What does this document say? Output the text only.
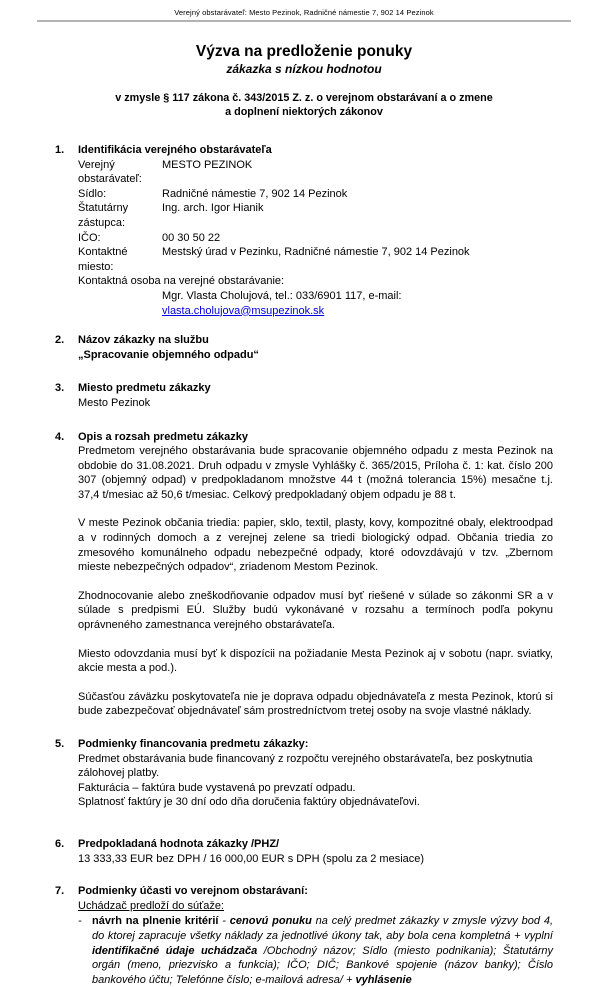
Verejný obstarávateľ: Mesto Pezinok, Radničné námestie 7, 902 14 Pezinok
Výzva na predloženie ponuky
zákazka s nízkou hodnotou
v zmysle § 117 zákona č. 343/2015 Z. z. o verejnom obstarávaní a o zmene
a doplnení niektorých zákonov
1.	Identifikácia verejného obstarávateľa
Verejný obstarávateľ:
MESTO PEZINOK
Sídlo:	Radničné námestie 7, 902 14 Pezinok
Štatutárny zástupca:
Ing. arch. Igor Hianik
IČO:	00 30 50 22
Kontaktné miesto:
Mestský úrad v Pezinku, Radničné námestie 7, 902 14 Pezinok
Kontaktná osoba na verejné obstarávanie:
Mgr. Vlasta Cholujová, tel.: 033/6901 117, e-mail: vlasta.cholujova@msupezinok.sk
2.	Názov zákazky na službu
„Spracovanie objemného odpadu“
3.	Miesto predmetu zákazky
Mesto Pezinok
4.	Opis a rozsah predmetu zákazky
Predmetom verejného obstarávania bude spracovanie objemného odpadu z mesta Pezinok na obdobie do 31.08.2021. Druh odpadu v zmysle Vyhlášky č. 365/2015, Príloha č. 1: kat. číslo 200 307 (objemný odpad) v predpokladanom množstve 44 t (možná tolerancia 15%) mesačne t.j. 37,4 t/mesiac až 50,6 t/mesiac. Celkový predpokladaný objem odpadu je 88 t.
V meste Pezinok občania triedia: papier, sklo, textil, plasty, kovy, kompozitné obaly, elektroodpad a v rodinných domoch a z verejnej zelene sa triedi biologický odpad. Občania triedia zo zmesového komunálneho odpadu nebezpečné odpady, ktoré odovzdávajú v tzv. „Zbernom mieste nebezpečných odpadov“, zriadenom Mestom Pezinok.
Zhodnocovanie alebo zneškodňovanie odpadov musí byť riešené v súlade so zákonmi SR a v súlade s predpismi EÚ. Služby budú vykonávané v rozsahu a termínoch podľa pokynu oprávneného zamestnanca verejného obstarávateľa.
Miesto odovzdania musí byť k dispozícii na požiadanie Mesta Pezinok aj v sobotu (napr. sviatky, akcie mesta a pod.).
Súčasťou záväzku poskytovateľa nie je doprava odpadu objednávateľa z mesta Pezinok, ktorú si bude zabezpečovať objednávateľ sám prostredníctvom tretej osoby na svoje vlastné náklady.
5.	Podmienky financovania predmetu zákazky:
Predmet obstarávania bude financovaný z rozpočtu verejného obstarávateľa, bez poskytnutia zálohovej platby.
Fakturácia – faktúra bude vystavená po prevzatí odpadu.
Splatnosť faktúry je 30 dní odo dňa doručenia faktúry objednávateľovi.
6.	Predpokladaná hodnota zákazky /PHZ/
13 333,33 EUR bez DPH / 16 000,00 EUR s DPH (spolu za 2 mesiace)
7.	Podmienky účasti vo verejnom obstarávaní:
Uchádzač predloží do súťaže:
- návrh na plnenie kritérií - cenovú ponuku na celý predmet zákazky v zmysle výzvy bod 4, do ktorej zapracuje všetky náklady za jednotlivé úkony tak, aby bola cena kompletná + vyplní identifikačné údaje uchádzača /Obchodný názov; Sídlo (miesto podnikania); Štatutárny orgán (meno, priezvisko a funkcia); IČO; DIČ; Bankové spojenie (názov banky); Číslo bankového účtu; Telefónne číslo; e-mailová adresa/ + vyhlásenie
